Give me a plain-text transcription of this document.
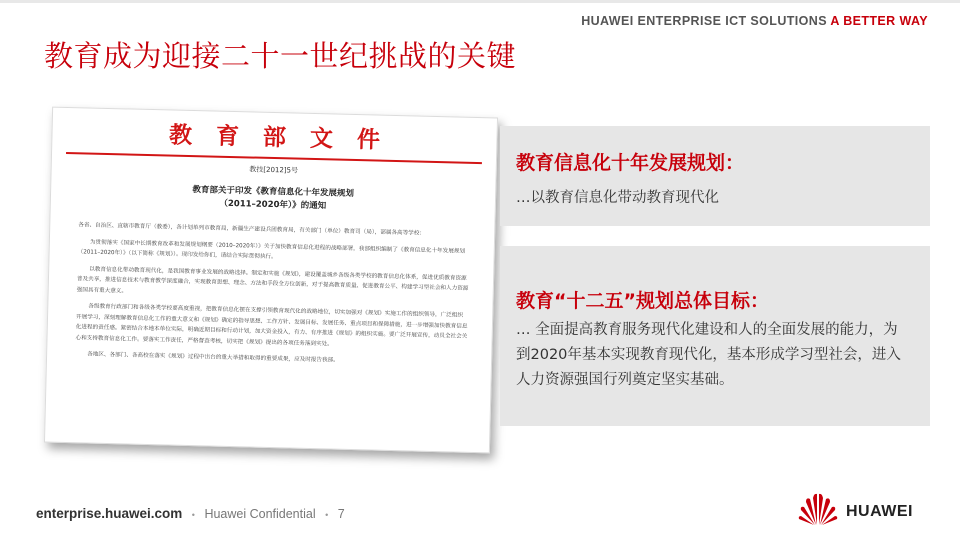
HUAWEI ENTERPRISE ICT SOLUTIONS A BETTER WAY
教育成为迎接二十一世纪挑战的关键
教育部文件
教技[2012]5号
教育部关于印发《教育信息化十年发展规划
（2011–2020年）》的通知

各省、自治区、直辖市教育厅（教委），各计划单列市教育局，新疆生产建设兵团教育局，有关部门（单位）教育司（局），部属各高等学校：

为贯彻落实《国家中长期教育改革和发展规划纲要（2010–2020年）》关于加快教育信息化进程的战略部署，我部组织编制了《教育信息化十年发展规划（2011–2020年）》（以下简称《规划》）。现印发给你们，请结合实际贯彻执行。

以教育信息化带动教育现代化，是我国教育事业发展的战略选择。制定和实施《规划》，建设覆盖城乡各级各类学校的教育信息化体系，促进优质教育资源普及共享，推进信息技术与教育教学深度融合，实现教育思想、理念、方法和手段全方位创新，对于提高教育质量、促进教育公平、构建学习型社会和人力资源强国具有重大意义。

各级教育行政部门和各级各类学校要高度重视，把教育信息化摆在支撑引领教育现代化的战略地位，切实加强对《规划》实施工作的组织领导，广泛组织开展学习，深刻理解教育信息化工作的重大意义和《规划》确定的指导思想、工作方针、发展目标、发展任务、重点项目和保障措施，进一步增强加快教育信息化进程的责任感。紧密结合本地本单位实际，明确近期目标和行动计划，加大资金投入，有力、有序推进《规划》的组织实施。要广泛开展宣传，动员全社会关心和支持教育信息化工作。要落实工作责任，严格督查考核，切实把《规划》提出的各项任务落到实处。

各地区、各部门、各高校在落实《规划》过程中出台的重大举措和取得的重要成果，应及时报告我部。

教育信息化十年发展规划：
…以教育信息化带动教育现代化
教育“十二五”规划总体目标：
… 全面提高教育服务现代化建设和人的全面发展的能力，为到2020年基本实现教育现代化，基本形成学习型社会，进入人力资源强国行列奠定坚实基础。
enterprise.huawei.com • Huawei Confidential • 7	HUAWEI
